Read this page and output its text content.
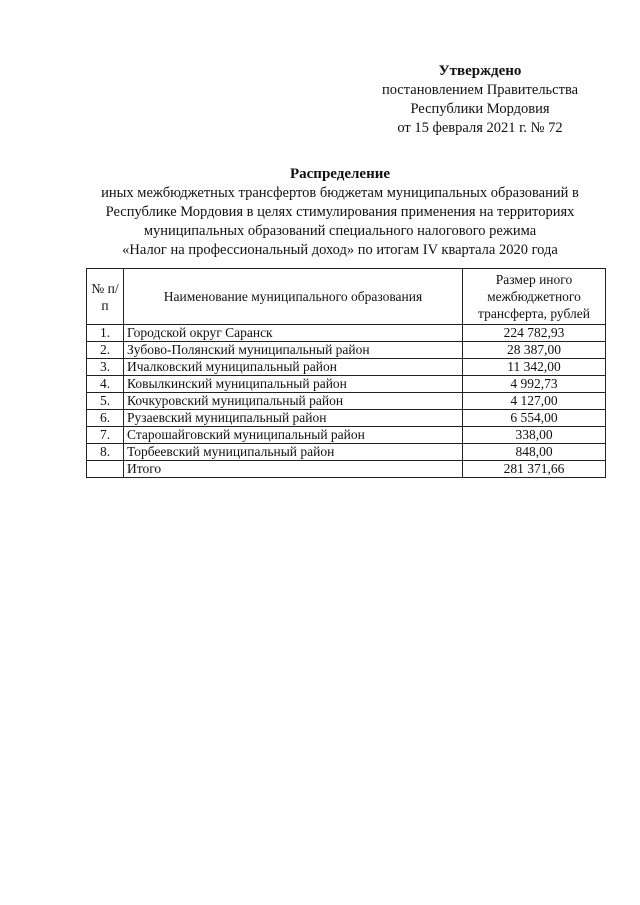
Утверждено
постановлением Правительства
Республики Мордовия
от 15 февраля 2021 г. № 72
Распределение
иных межбюджетных трансфертов бюджетам муниципальных образований в
Республике Мордовия в целях стимулирования применения на территориях
муниципальных образований специального налогового режима
«Налог на профессиональный доход» по итогам IV квартала 2020 года
№ п/п	Наименование муниципального образования	Размер иного межбюджетного трансферта, рублей
1.	Городской округ Саранск	224 782,93
2.	Зубово-Полянский муниципальный район	28 387,00
3.	Ичалковский муниципальный район	11 342,00
4.	Ковылкинский муниципальный район	4 992,73
5.	Кочкуровский муниципальный район	4 127,00
6.	Рузаевский муниципальный район	6 554,00
7.	Старошайговский муниципальный район	338,00
8.	Торбеевский муниципальный район	848,00
	Итого	281 371,66
